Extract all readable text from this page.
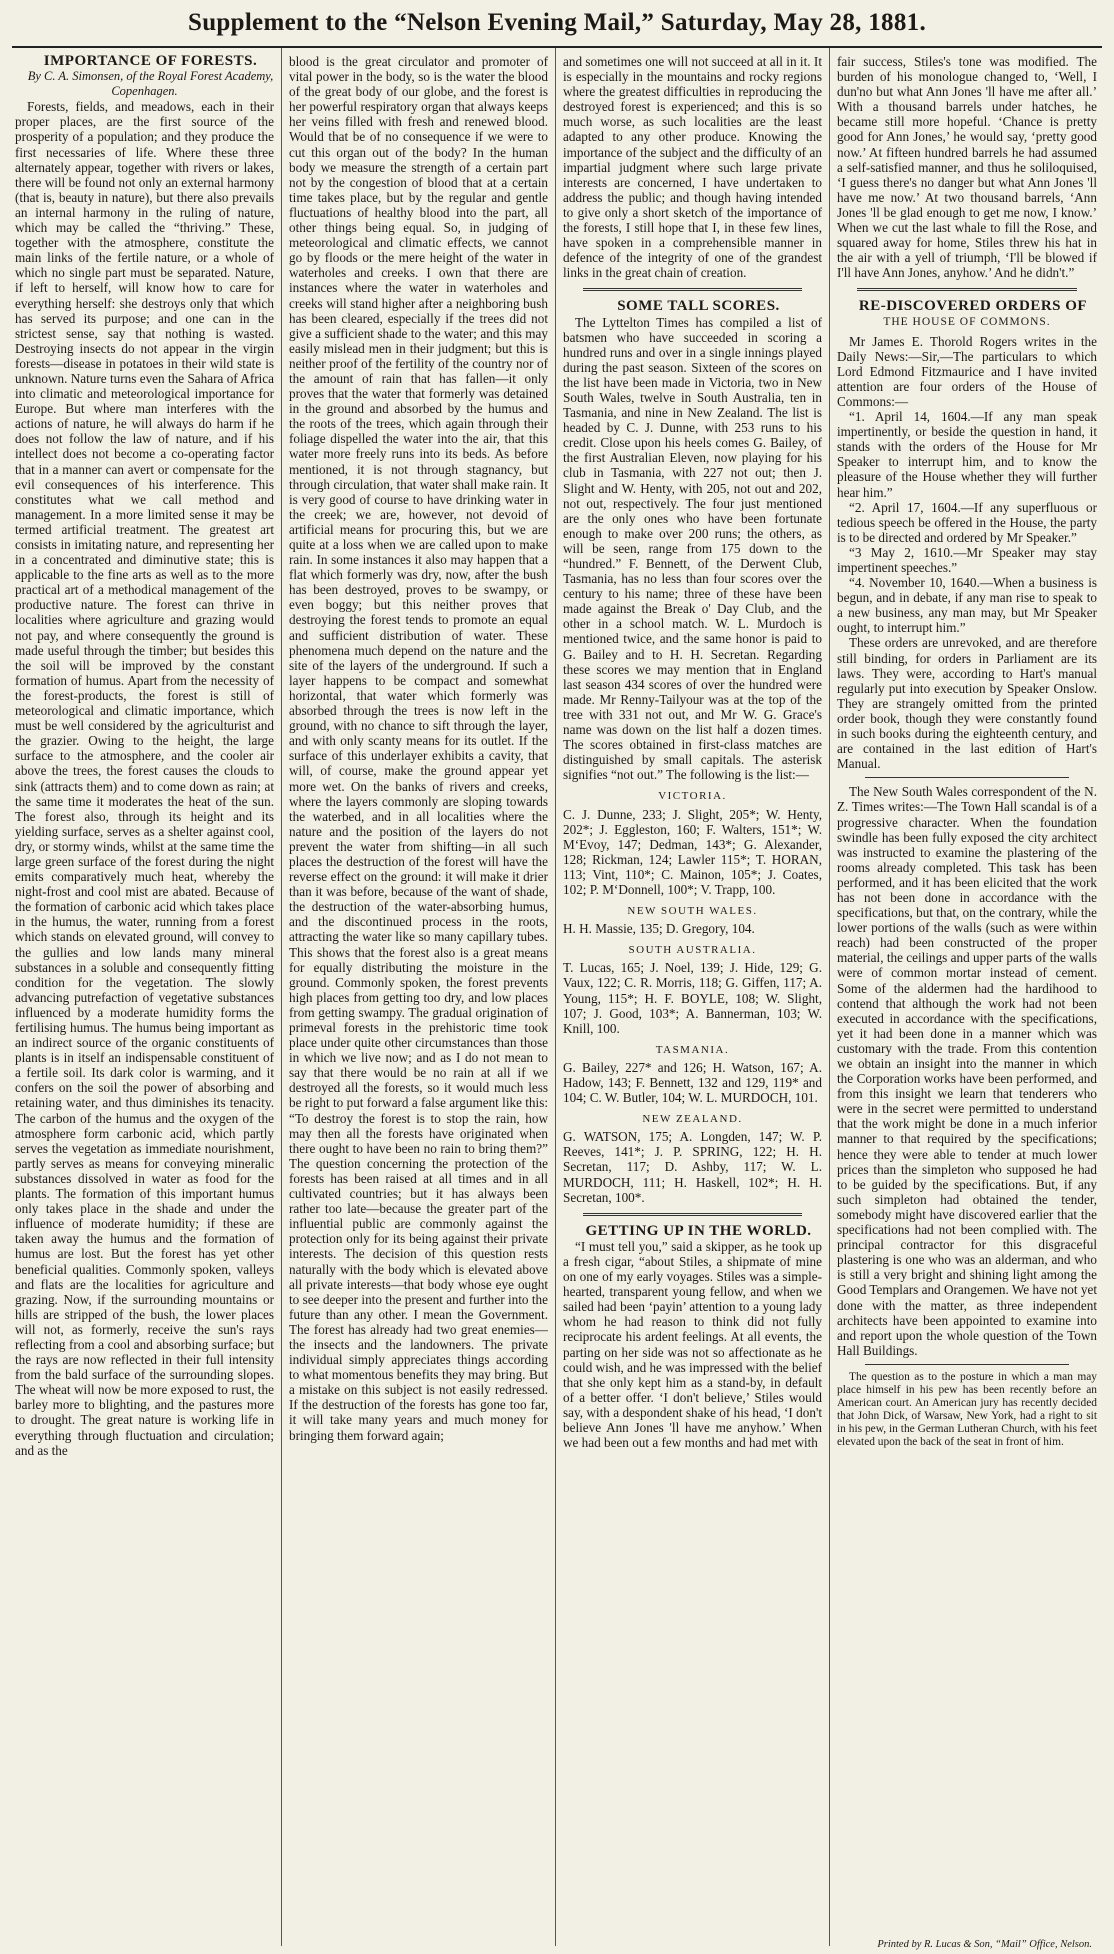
Supplement to the “Nelson Evening Mail,” Saturday, May 28, 1881.

IMPORTANCE OF FORESTS.

By C. A. Simonsen, of the Royal Forest Academy, Copenhagen.

Forests, fields, and meadows, each in their proper places, are the first source of the prosperity of a population; and they produce the first necessaries of life. Where these three alternately appear, together with rivers or lakes, there will be found not only an external harmony (that is, beauty in nature), but there also prevails an internal harmony in the ruling of nature, which may be called the “thriving.” These, together with the atmosphere, constitute the main links of the fertile nature, or a whole of which no single part must be separated. Nature, if left to herself, will know how to care for everything herself: she destroys only that which has served its purpose; and one can in the strictest sense, say that nothing is wasted. Destroying insects do not appear in the virgin forests—disease in potatoes in their wild state is unknown. Nature turns even the Sahara of Africa into climatic and meteorological importance for Europe. But where man interferes with the actions of nature, he will always do harm if he does not follow the law of nature, and if his intellect does not become a co-operating factor that in a manner can avert or compensate for the evil consequences of his interference. This constitutes what we call method and management. In a more limited sense it may be termed artificial treatment. The greatest art consists in imitating nature, and representing her in a concentrated and diminutive state; this is applicable to the fine arts as well as to the more practical art of a methodical management of the productive nature. The forest can thrive in localities where agriculture and grazing would not pay, and where consequently the ground is made useful through the timber; but besides this the soil will be improved by the constant formation of humus. Apart from the necessity of the forest-products, the forest is still of meteorological and climatic importance, which must be well considered by the agriculturist and the grazier. Owing to the height, the large surface to the atmosphere, and the cooler air above the trees, the forest causes the clouds to sink (attracts them) and to come down as rain; at the same time it moderates the heat of the sun. The forest also, through its height and its yielding surface, serves as a shelter against cool, dry, or stormy winds, whilst at the same time the large green surface of the forest during the night emits comparatively much heat, whereby the night-frost and cool mist are abated. Because of the formation of carbonic acid which takes place in the humus, the water, running from a forest which stands on elevated ground, will convey to the gullies and low lands many mineral substances in a soluble and consequently fitting condition for the vegetation. The slowly advancing putrefaction of vegetative substances influenced by a moderate humidity forms the fertilising humus. The humus being important as an indirect source of the organic constituents of plants is in itself an indispensable constituent of a fertile soil. Its dark color is warming, and it confers on the soil the power of absorbing and retaining water, and thus diminishes its tenacity. The carbon of the humus and the oxygen of the atmosphere form carbonic acid, which partly serves the vegetation as immediate nourishment, partly serves as means for conveying mineralic substances dissolved in water as food for the plants. The formation of this important humus only takes place in the shade and under the influence of moderate humidity; if these are taken away the humus and the formation of humus are lost. But the forest has yet other beneficial qualities. Commonly spoken, valleys and flats are the localities for agriculture and grazing. Now, if the surrounding mountains or hills are stripped of the bush, the lower places will not, as formerly, receive the sun's rays reflecting from a cool and absorbing surface; but the rays are now reflected in their full intensity from the bald surface of the surrounding slopes. The wheat will now be more exposed to rust, the barley more to blighting, and the pastures more to drought. The great nature is working life in everything through fluctuation and circulation; and as the

blood is the great circulator and promoter of vital power in the body, so is the water the blood of the great body of our globe, and the forest is her powerful respiratory organ that always keeps her veins filled with fresh and renewed blood. Would that be of no consequence if we were to cut this organ out of the body? In the human body we measure the strength of a certain part not by the congestion of blood that at a certain time takes place, but by the regular and gentle fluctuations of healthy blood into the part, all other things being equal. So, in judging of meteorological and climatic effects, we cannot go by floods or the mere height of the water in waterholes and creeks. I own that there are instances where the water in waterholes and creeks will stand higher after a neighboring bush has been cleared, especially if the trees did not give a sufficient shade to the water; and this may easily mislead men in their judgment; but this is neither proof of the fertility of the country nor of the amount of rain that has fallen—it only proves that the water that formerly was detained in the ground and absorbed by the humus and the roots of the trees, which again through their foliage dispelled the water into the air, that this water more freely runs into its beds. As before mentioned, it is not through stagnancy, but through circulation, that water shall make rain. It is very good of course to have drinking water in the creek; we are, however, not devoid of artificial means for procuring this, but we are quite at a loss when we are called upon to make rain. In some instances it also may happen that a flat which formerly was dry, now, after the bush has been destroyed, proves to be swampy, or even boggy; but this neither proves that destroying the forest tends to promote an equal and sufficient distribution of water. These phenomena much depend on the nature and the site of the layers of the underground. If such a layer happens to be compact and somewhat horizontal, that water which formerly was absorbed through the trees is now left in the ground, with no chance to sift through the layer, and with only scanty means for its outlet. If the surface of this underlayer exhibits a cavity, that will, of course, make the ground appear yet more wet. On the banks of rivers and creeks, where the layers commonly are sloping towards the waterbed, and in all localities where the nature and the position of the layers do not prevent the water from shifting—in all such places the destruction of the forest will have the reverse effect on the ground: it will make it drier than it was before, because of the want of shade, the destruction of the water-absorbing humus, and the discontinued process in the roots, attracting the water like so many capillary tubes. This shows that the forest also is a great means for equally distributing the moisture in the ground. Commonly spoken, the forest prevents high places from getting too dry, and low places from getting swampy. The gradual origination of primeval forests in the prehistoric time took place under quite other circumstances than those in which we live now; and as I do not mean to say that there would be no rain at all if we destroyed all the forests, so it would much less be right to put forward a false argument like this: “To destroy the forest is to stop the rain, how may then all the forests have originated when there ought to have been no rain to bring them?” The question concerning the protection of the forests has been raised at all times and in all cultivated countries; but it has always been rather too late—because the greater part of the influential public are commonly against the protection only for its being against their private interests. The decision of this question rests naturally with the body which is elevated above all private interests—that body whose eye ought to see deeper into the present and further into the future than any other. I mean the Government. The forest has already had two great enemies—the insects and the landowners. The private individual simply appreciates things according to what momentous benefits they may bring. But a mistake on this subject is not easily redressed. If the destruction of the forests has gone too far, it will take many years and much money for bringing them forward again;

and sometimes one will not succeed at all in it. It is especially in the mountains and rocky regions where the greatest difficulties in reproducing the destroyed forest is experienced; and this is so much worse, as such localities are the least adapted to any other produce. Knowing the importance of the subject and the difficulty of an impartial judgment where such large private interests are concerned, I have undertaken to address the public; and though having intended to give only a short sketch of the importance of the forests, I still hope that I, in these few lines, have spoken in a comprehensible manner in defence of the integrity of one of the grandest links in the great chain of creation.

SOME TALL SCORES.

The Lyttelton Times has compiled a list of batsmen who have succeeded in scoring a hundred runs and over in a single innings played during the past season. Sixteen of the scores on the list have been made in Victoria, two in New South Wales, twelve in South Australia, ten in Tasmania, and nine in New Zealand. The list is headed by C. J. Dunne, with 253 runs to his credit. Close upon his heels comes G. Bailey, of the first Australian Eleven, now playing for his club in Tasmania, with 227 not out; then J. Slight and W. Henty, with 205, not out and 202, not out, respectively. The four just mentioned are the only ones who have been fortunate enough to make over 200 runs; the others, as will be seen, range from 175 down to the “hundred.” F. Bennett, of the Derwent Club, Tasmania, has no less than four scores over the century to his name; three of these have been made against the Break o' Day Club, and the other in a school match. W. L. Murdoch is mentioned twice, and the same honor is paid to G. Bailey and to H. H. Secretan. Regarding these scores we may mention that in England last season 434 scores of over the hundred were made. Mr Renny-Tailyour was at the top of the tree with 331 not out, and Mr W. G. Grace's name was down on the list half a dozen times. The scores obtained in first-class matches are distinguished by small capitals. The asterisk signifies “not out.” The following is the list:—

VICTORIA.

C. J. Dunne, 233; J. Slight, 205*; W. Henty, 202*; J. Eggleston, 160; F. Walters, 151*; W. M‘Evoy, 147; Dedman, 143*; G. Alexander, 128; Rickman, 124; Lawler 115*; T. HORAN, 113; Vint, 110*; C. Mainon, 105*; J. Coates, 102; P. M‘Donnell, 100*; V. Trapp, 100.

NEW SOUTH WALES.

H. H. Massie, 135; D. Gregory, 104.

SOUTH AUSTRALIA.

T. Lucas, 165; J. Noel, 139; J. Hide, 129; G. Vaux, 122; C. R. Morris, 118; G. Giffen, 117; A. Young, 115*; H. F. BOYLE, 108; W. Slight, 107; J. Good, 103*; A. Bannerman, 103; W. Knill, 100.

TASMANIA.

G. Bailey, 227* and 126; H. Watson, 167; A. Hadow, 143; F. Bennett, 132 and 129, 119* and 104; C. W. Butler, 104; W. L. MURDOCH, 101.

NEW ZEALAND.

G. WATSON, 175; A. Longden, 147; W. P. Reeves, 141*; J. P. SPRING, 122; H. H. Secretan, 117; D. Ashby, 117; W. L. MURDOCH, 111; H. Haskell, 102*; H. H. Secretan, 100*.

GETTING UP IN THE WORLD.

“I must tell you,” said a skipper, as he took up a fresh cigar, “about Stiles, a shipmate of mine on one of my early voyages. Stiles was a simple-hearted, transparent young fellow, and when we sailed had been ‘payin’ attention to a young lady whom he had reason to think did not fully reciprocate his ardent feelings. At all events, the parting on her side was not so affectionate as he could wish, and he was impressed with the belief that she only kept him as a stand-by, in default of a better offer. ‘I don't believe,’ Stiles would say, with a despondent shake of his head, ‘I don't believe Ann Jones 'll have me anyhow.’ When we had been out a few months and had met with

fair success, Stiles's tone was modified. The burden of his monologue changed to, ‘Well, I dun'no but what Ann Jones 'll have me after all.’ With a thousand barrels under hatches, he became still more hopeful. ‘Chance is pretty good for Ann Jones,’ he would say, ‘pretty good now.’ At fifteen hundred barrels he had assumed a self-satisfied manner, and thus he soliloquised, ‘I guess there's no danger but what Ann Jones 'll have me now.’ At two thousand barrels, ‘Ann Jones 'll be glad enough to get me now, I know.’ When we cut the last whale to fill the Rose, and squared away for home, Stiles threw his hat in the air with a yell of triumph, ‘I'll be blowed if I'll have Ann Jones, anyhow.’ And he didn't.”

RE-DISCOVERED ORDERS OF

THE HOUSE OF COMMONS.

Mr James E. Thorold Rogers writes in the Daily News:—Sir,—The particulars to which Lord Edmond Fitzmaurice and I have invited attention are four orders of the House of Commons:—

“1. April 14, 1604.—If any man speak impertinently, or beside the question in hand, it stands with the orders of the House for Mr Speaker to interrupt him, and to know the pleasure of the House whether they will further hear him.”

“2. April 17, 1604.—If any superfluous or tedious speech be offered in the House, the party is to be directed and ordered by Mr Speaker.”

“3 May 2, 1610.—Mr Speaker may stay impertinent speeches.”

“4. November 10, 1640.—When a business is begun, and in debate, if any man rise to speak to a new business, any man may, but Mr Speaker ought, to interrupt him.”

These orders are unrevoked, and are therefore still binding, for orders in Parliament are its laws. They were, according to Hart's manual regularly put into execution by Speaker Onslow. They are strangely omitted from the printed order book, though they were constantly found in such books during the eighteenth century, and are contained in the last edition of Hart's Manual.

The New South Wales correspondent of the N. Z. Times writes:—The Town Hall scandal is of a progressive character. When the foundation swindle has been fully exposed the city architect was instructed to examine the plastering of the rooms already completed. This task has been performed, and it has been elicited that the work has not been done in accordance with the specifications, but that, on the contrary, while the lower portions of the walls (such as were within reach) had been constructed of the proper material, the ceilings and upper parts of the walls were of common mortar instead of cement. Some of the aldermen had the hardihood to contend that although the work had not been executed in accordance with the specifications, yet it had been done in a manner which was customary with the trade. From this contention we obtain an insight into the manner in which the Corporation works have been performed, and from this insight we learn that tenderers who were in the secret were permitted to understand that the work might be done in a much inferior manner to that required by the specifications; hence they were able to tender at much lower prices than the simpleton who supposed he had to be guided by the specifications. But, if any such simpleton had obtained the tender, somebody might have discovered earlier that the specifications had not been complied with. The principal contractor for this disgraceful plastering is one who was an alderman, and who is still a very bright and shining light among the Good Templars and Orangemen. We have not yet done with the matter, as three independent architects have been appointed to examine into and report upon the whole question of the Town Hall Buildings.

The question as to the posture in which a man may place himself in his pew has been recently before an American court. An American jury has recently decided that John Dick, of Warsaw, New York, had a right to sit in his pew, in the German Lutheran Church, with his feet elevated upon the back of the seat in front of him.

Printed by R. Lucas & Son, “Mail” Office, Nelson.
